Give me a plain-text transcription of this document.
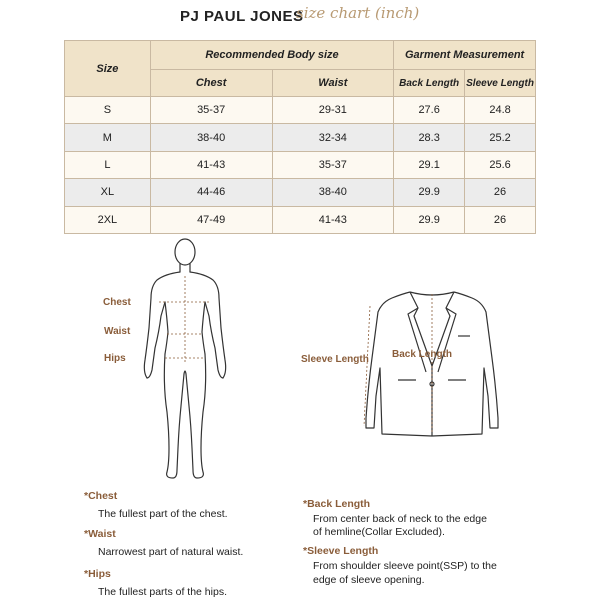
PJ PAUL JONES
size chart (inch)
Size	Recommended Body size		Garment Measurement	
	Chest	Waist	Back Length	Sleeve Length
S	35-37	29-31	27.6	24.8
M	38-40	32-34	28.3	25.2
L	41-43	35-37	29.1	25.6
XL	44-46	38-40	29.9	26
2XL	47-49	41-43	29.9	26
Chest
Waist
Hips	Sleeve Length Back Length
*Chest
The fullest part of the chest.
*Waist
Narrowest part of natural waist.
*Hips
The fullest parts of the hips.
*Back Length
From center back of neck to the edge
of hemline(Collar Excluded).
*Sleeve Length
From shoulder sleeve point(SSP) to the
edge of sleeve opening.
